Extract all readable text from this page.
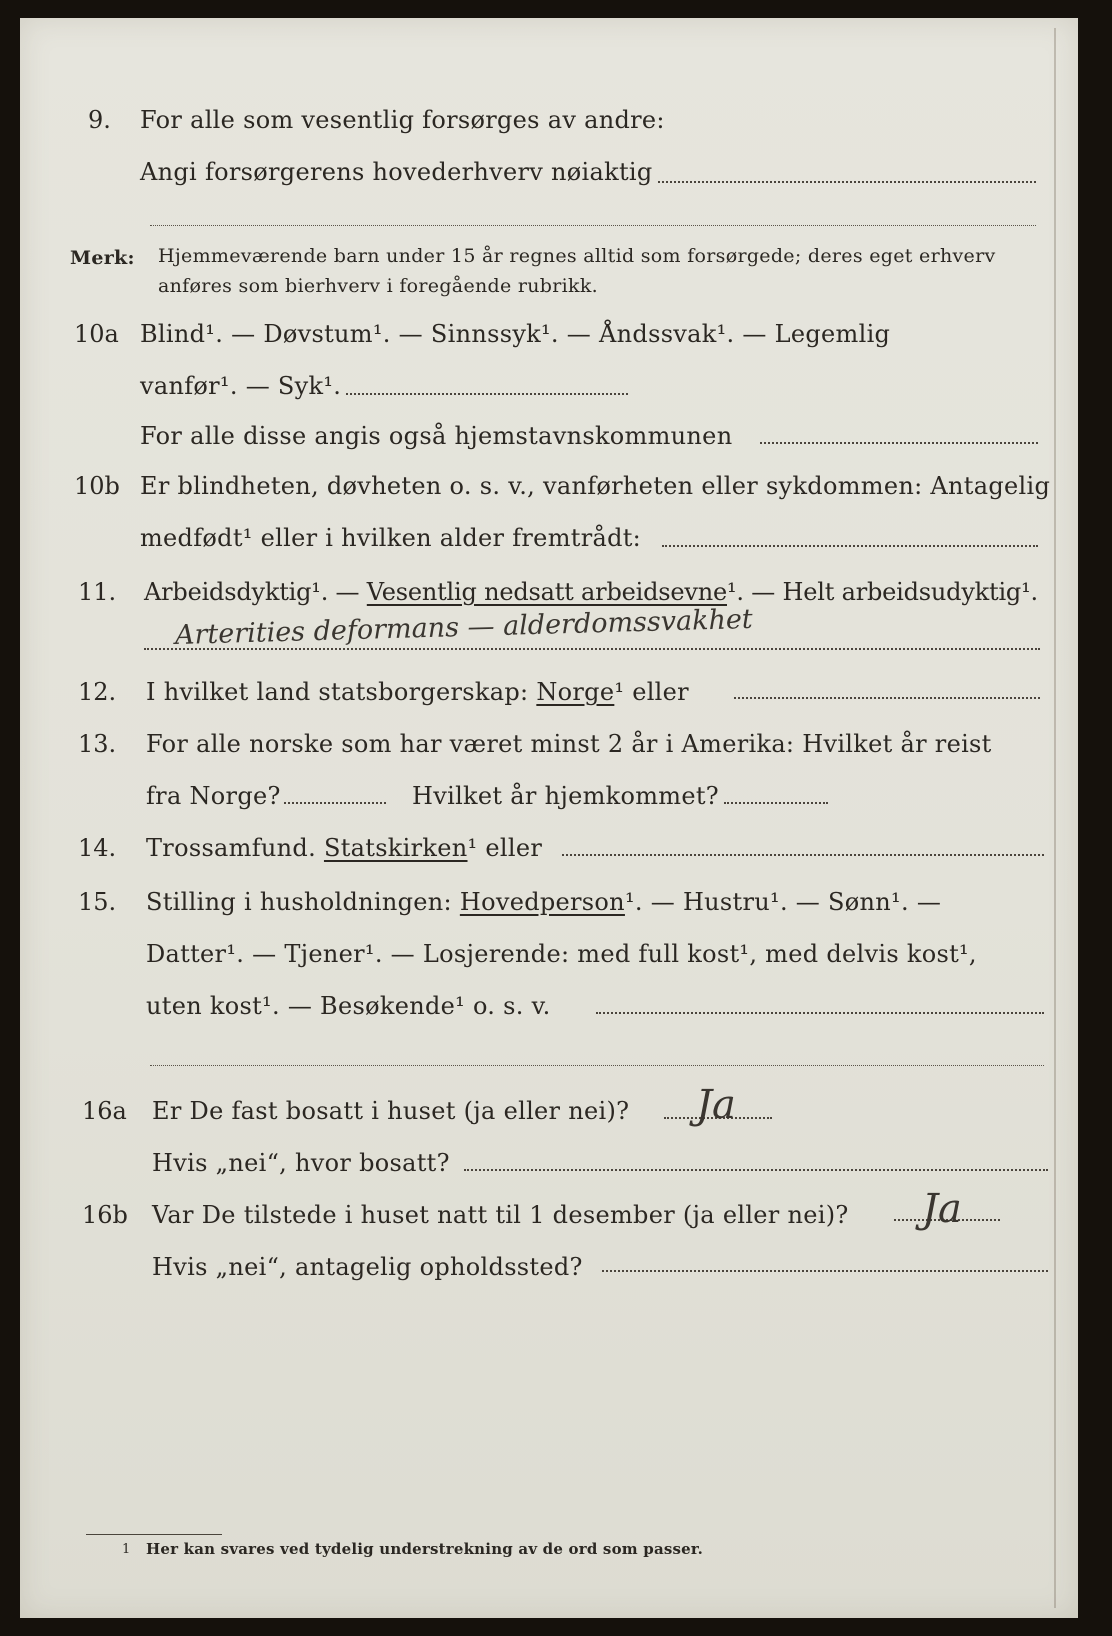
9. For alle som vesentlig forsørges av andre:
Angi forsørgerens hovederhverv nøiaktig
Merk: Hjemmeværende barn under 15 år regnes alltid som forsørgede; deres eget erhverv
anføres som bierhverv i foregående rubrikk.
10a Blind¹. — Døvstum¹. — Sinnssyk¹. — Åndssvak¹. — Legemlig
vanfør¹. — Syk¹.
For alle disse angis også hjemstavnskommunen
10b Er blindheten, døvheten o. s. v., vanførheten eller sykdommen: Antagelig
medfødt¹ eller i hvilken alder fremtrådt:
11. Arbeidsdyktig¹. — Vesentlig nedsatt arbeidsevne¹. — Helt arbeidsudyktig¹.
Arterities deformans — alderdomssvakhet
12. I hvilket land statsborgerskap: Norge¹ eller
13. For alle norske som har været minst 2 år i Amerika: Hvilket år reist
fra Norge?	Hvilket år hjemkommet?
14. Trossamfund. Statskirken¹ eller
15. Stilling i husholdningen: Hovedperson¹. — Hustru¹. — Sønn¹. —
Datter¹. — Tjener¹. — Losjerende: med full kost¹, med delvis kost¹,
uten kost¹. — Besøkende¹ o. s. v.
16a Er De fast bosatt i huset (ja eller nei)? Ja
Hvis „nei“, hvor bosatt?
16b Var De tilstede i huset natt til 1 desember (ja eller nei)? Ja
Hvis „nei“, antagelig opholdssted?
1 Her kan svares ved tydelig understrekning av de ord som passer.
